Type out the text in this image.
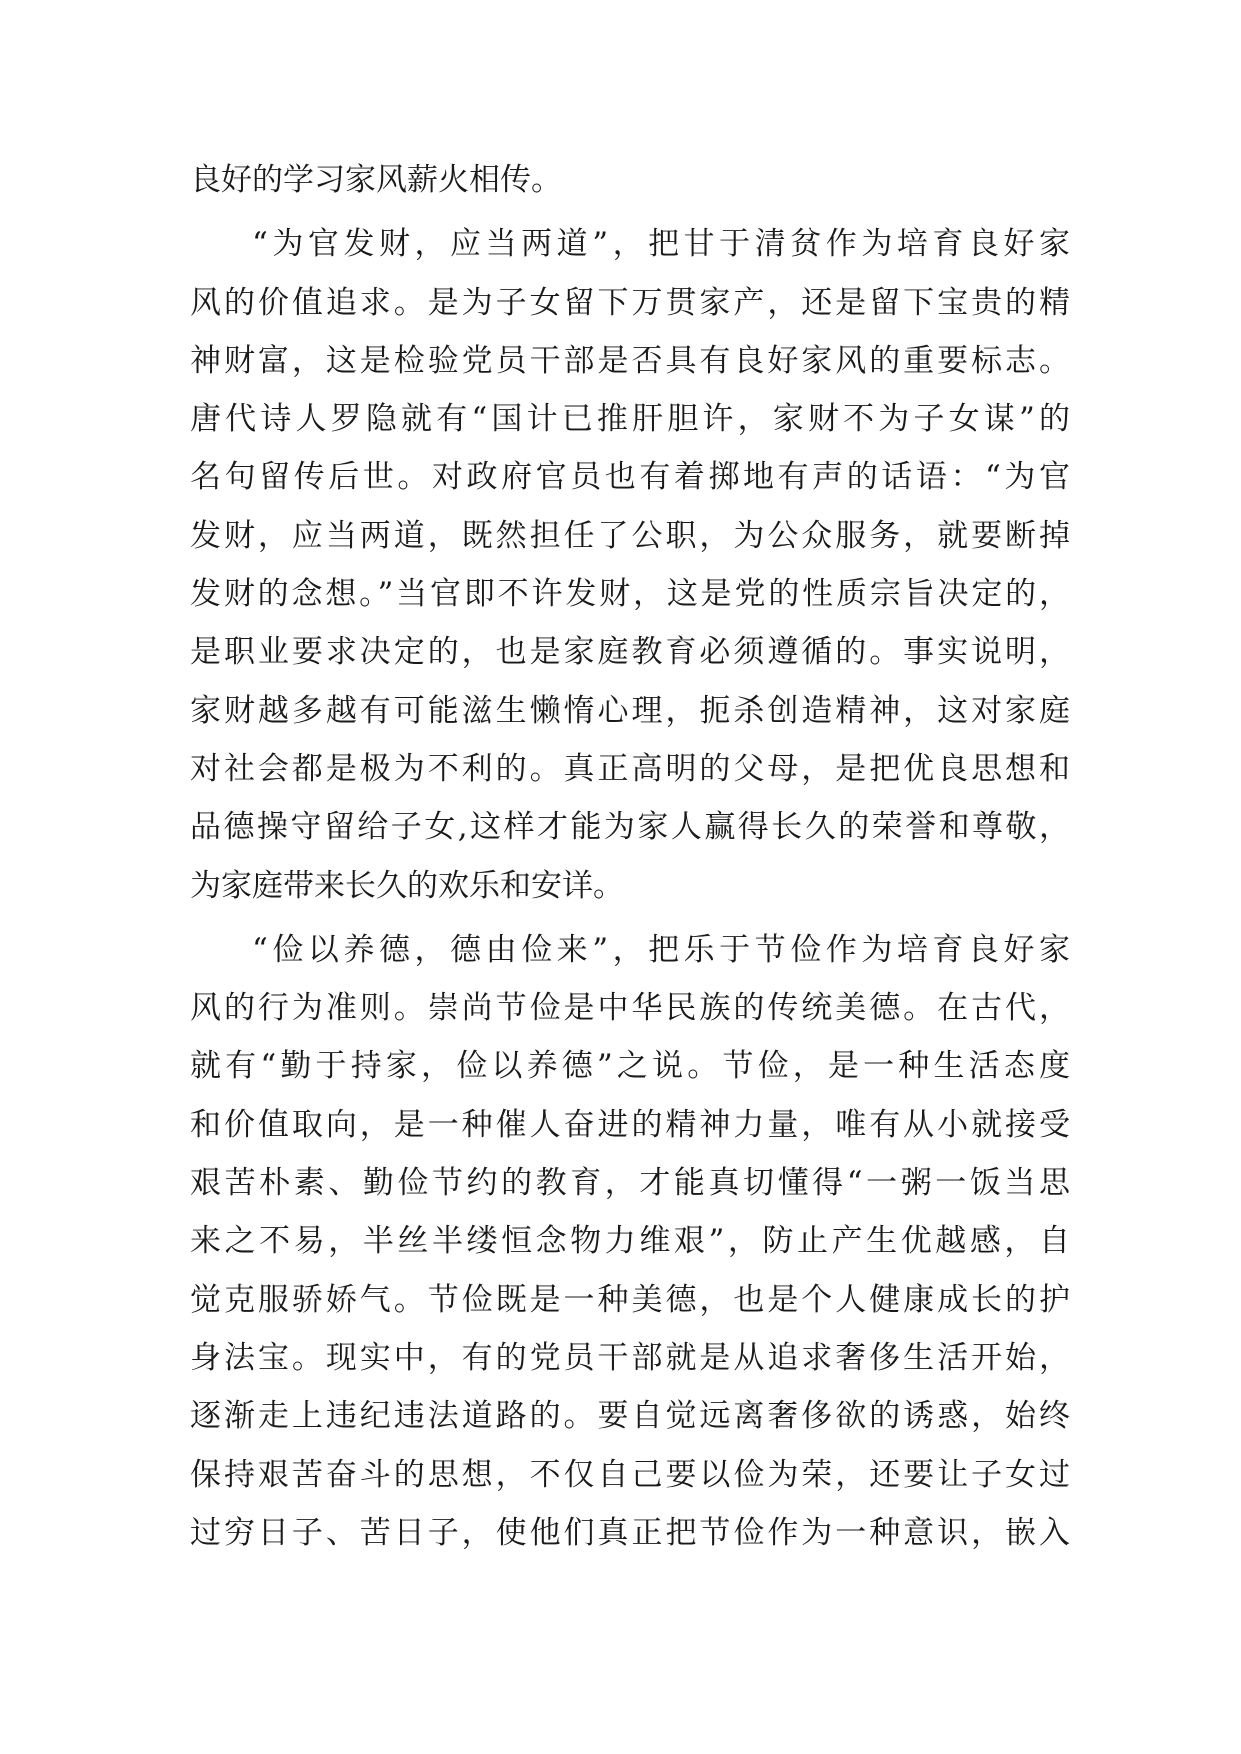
良好的学习家风薪火相传。
“为官发财，应当两道”，把甘于清贫作为培育良好家
风的价值追求。是为子女留下万贯家产，还是留下宝贵的精
神财富，这是检验党员干部是否具有良好家风的重要标志。
唐代诗人罗隐就有“国计已推肝胆许，家财不为子女谋”的
名句留传后世。对政府官员也有着掷地有声的话语：“为官
发财，应当两道，既然担任了公职，为公众服务，就要断掉
发财的念想。”当官即不许发财，这是党的性质宗旨决定的，
是职业要求决定的，也是家庭教育必须遵循的。事实说明，
家财越多越有可能滋生懒惰心理，扼杀创造精神，这对家庭
对社会都是极为不利的。真正高明的父母，是把优良思想和
品德操守留给子女,这样才能为家人赢得长久的荣誉和尊敬，
为家庭带来长久的欢乐和安详。
“俭以养德，德由俭来”，把乐于节俭作为培育良好家
风的行为准则。崇尚节俭是中华民族的传统美德。在古代，
就有“勤于持家，俭以养德”之说。节俭，是一种生活态度
和价值取向，是一种催人奋进的精神力量，唯有从小就接受
艰苦朴素、勤俭节约的教育，才能真切懂得“一粥一饭当思
来之不易，半丝半缕恒念物力维艰”，防止产生优越感，自
觉克服骄娇气。节俭既是一种美德，也是个人健康成长的护
身法宝。现实中，有的党员干部就是从追求奢侈生活开始，
逐渐走上违纪违法道路的。要自觉远离奢侈欲的诱惑，始终
保持艰苦奋斗的思想，不仅自己要以俭为荣，还要让子女过
过穷日子、苦日子，使他们真正把节俭作为一种意识，嵌入
